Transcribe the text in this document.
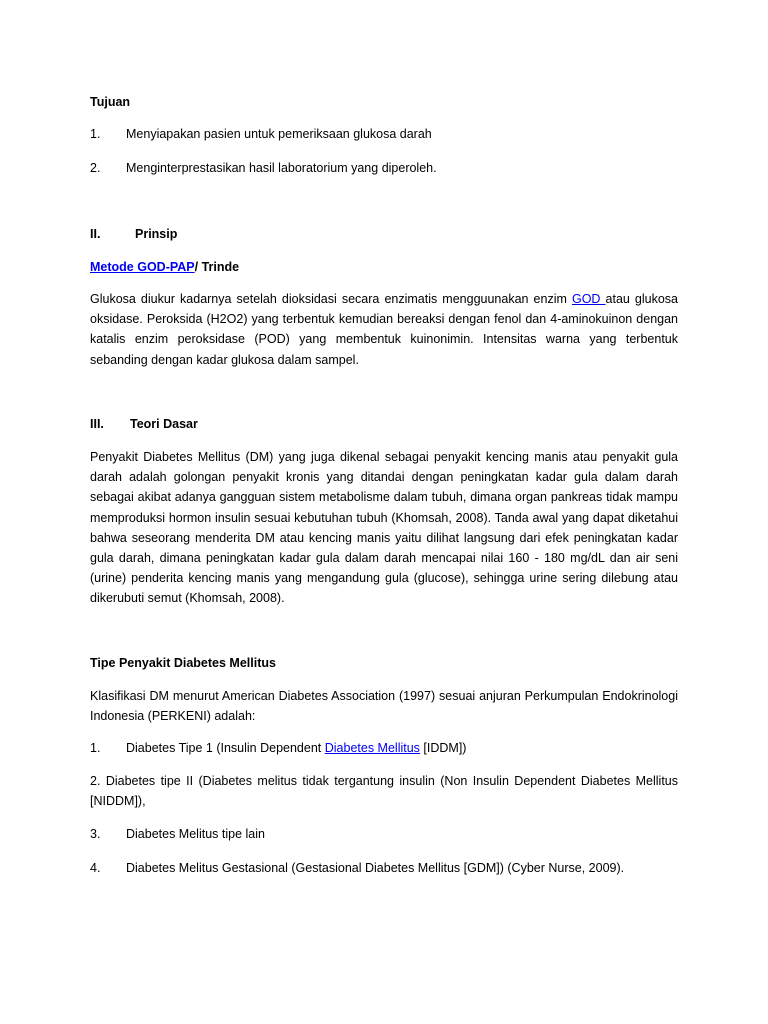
Tujuan
1. Menyiapakan pasien untuk pemeriksaan glukosa darah
2. Menginterprestasikan hasil laboratorium yang diperoleh.
II.	Prinsip
Metode GOD-PAP/ Trinde
Glukosa diukur kadarnya setelah dioksidasi secara enzimatis mengguunakan enzim GOD atau glukosa oksidase. Peroksida (H2O2) yang terbentuk kemudian bereaksi dengan fenol dan 4-aminokuinon dengan katalis enzim peroksidase (POD) yang membentuk kuinonimin. Intensitas warna yang terbentuk sebanding dengan kadar glukosa dalam sampel.
III. Teori Dasar
Penyakit Diabetes Mellitus (DM) yang juga dikenal sebagai penyakit kencing manis atau penyakit gula darah adalah golongan penyakit kronis yang ditandai dengan peningkatan kadar gula dalam darah sebagai akibat adanya gangguan sistem metabolisme dalam tubuh, dimana organ pankreas tidak mampu memproduksi hormon insulin sesuai kebutuhan tubuh (Khomsah, 2008). Tanda awal yang dapat diketahui bahwa seseorang menderita DM atau kencing manis yaitu dilihat langsung dari efek peningkatan kadar gula darah, dimana peningkatan kadar gula dalam darah mencapai nilai 160 - 180 mg/dL dan air seni (urine) penderita kencing manis yang mengandung gula (glucose), sehingga urine sering dilebung atau dikerubuti semut (Khomsah, 2008).
Tipe Penyakit Diabetes Mellitus
Klasifikasi DM menurut American Diabetes Association (1997) sesuai anjuran Perkumpulan Endokrinologi Indonesia (PERKENI) adalah:
1. Diabetes Tipe 1 (Insulin Dependent Diabetes Mellitus [IDDM])
2. Diabetes tipe II (Diabetes melitus tidak tergantung insulin (Non Insulin Dependent Diabetes Mellitus [NIDDM]),
3. Diabetes Melitus tipe lain
4. Diabetes Melitus Gestasional (Gestasional Diabetes Mellitus [GDM]) (Cyber Nurse, 2009).
